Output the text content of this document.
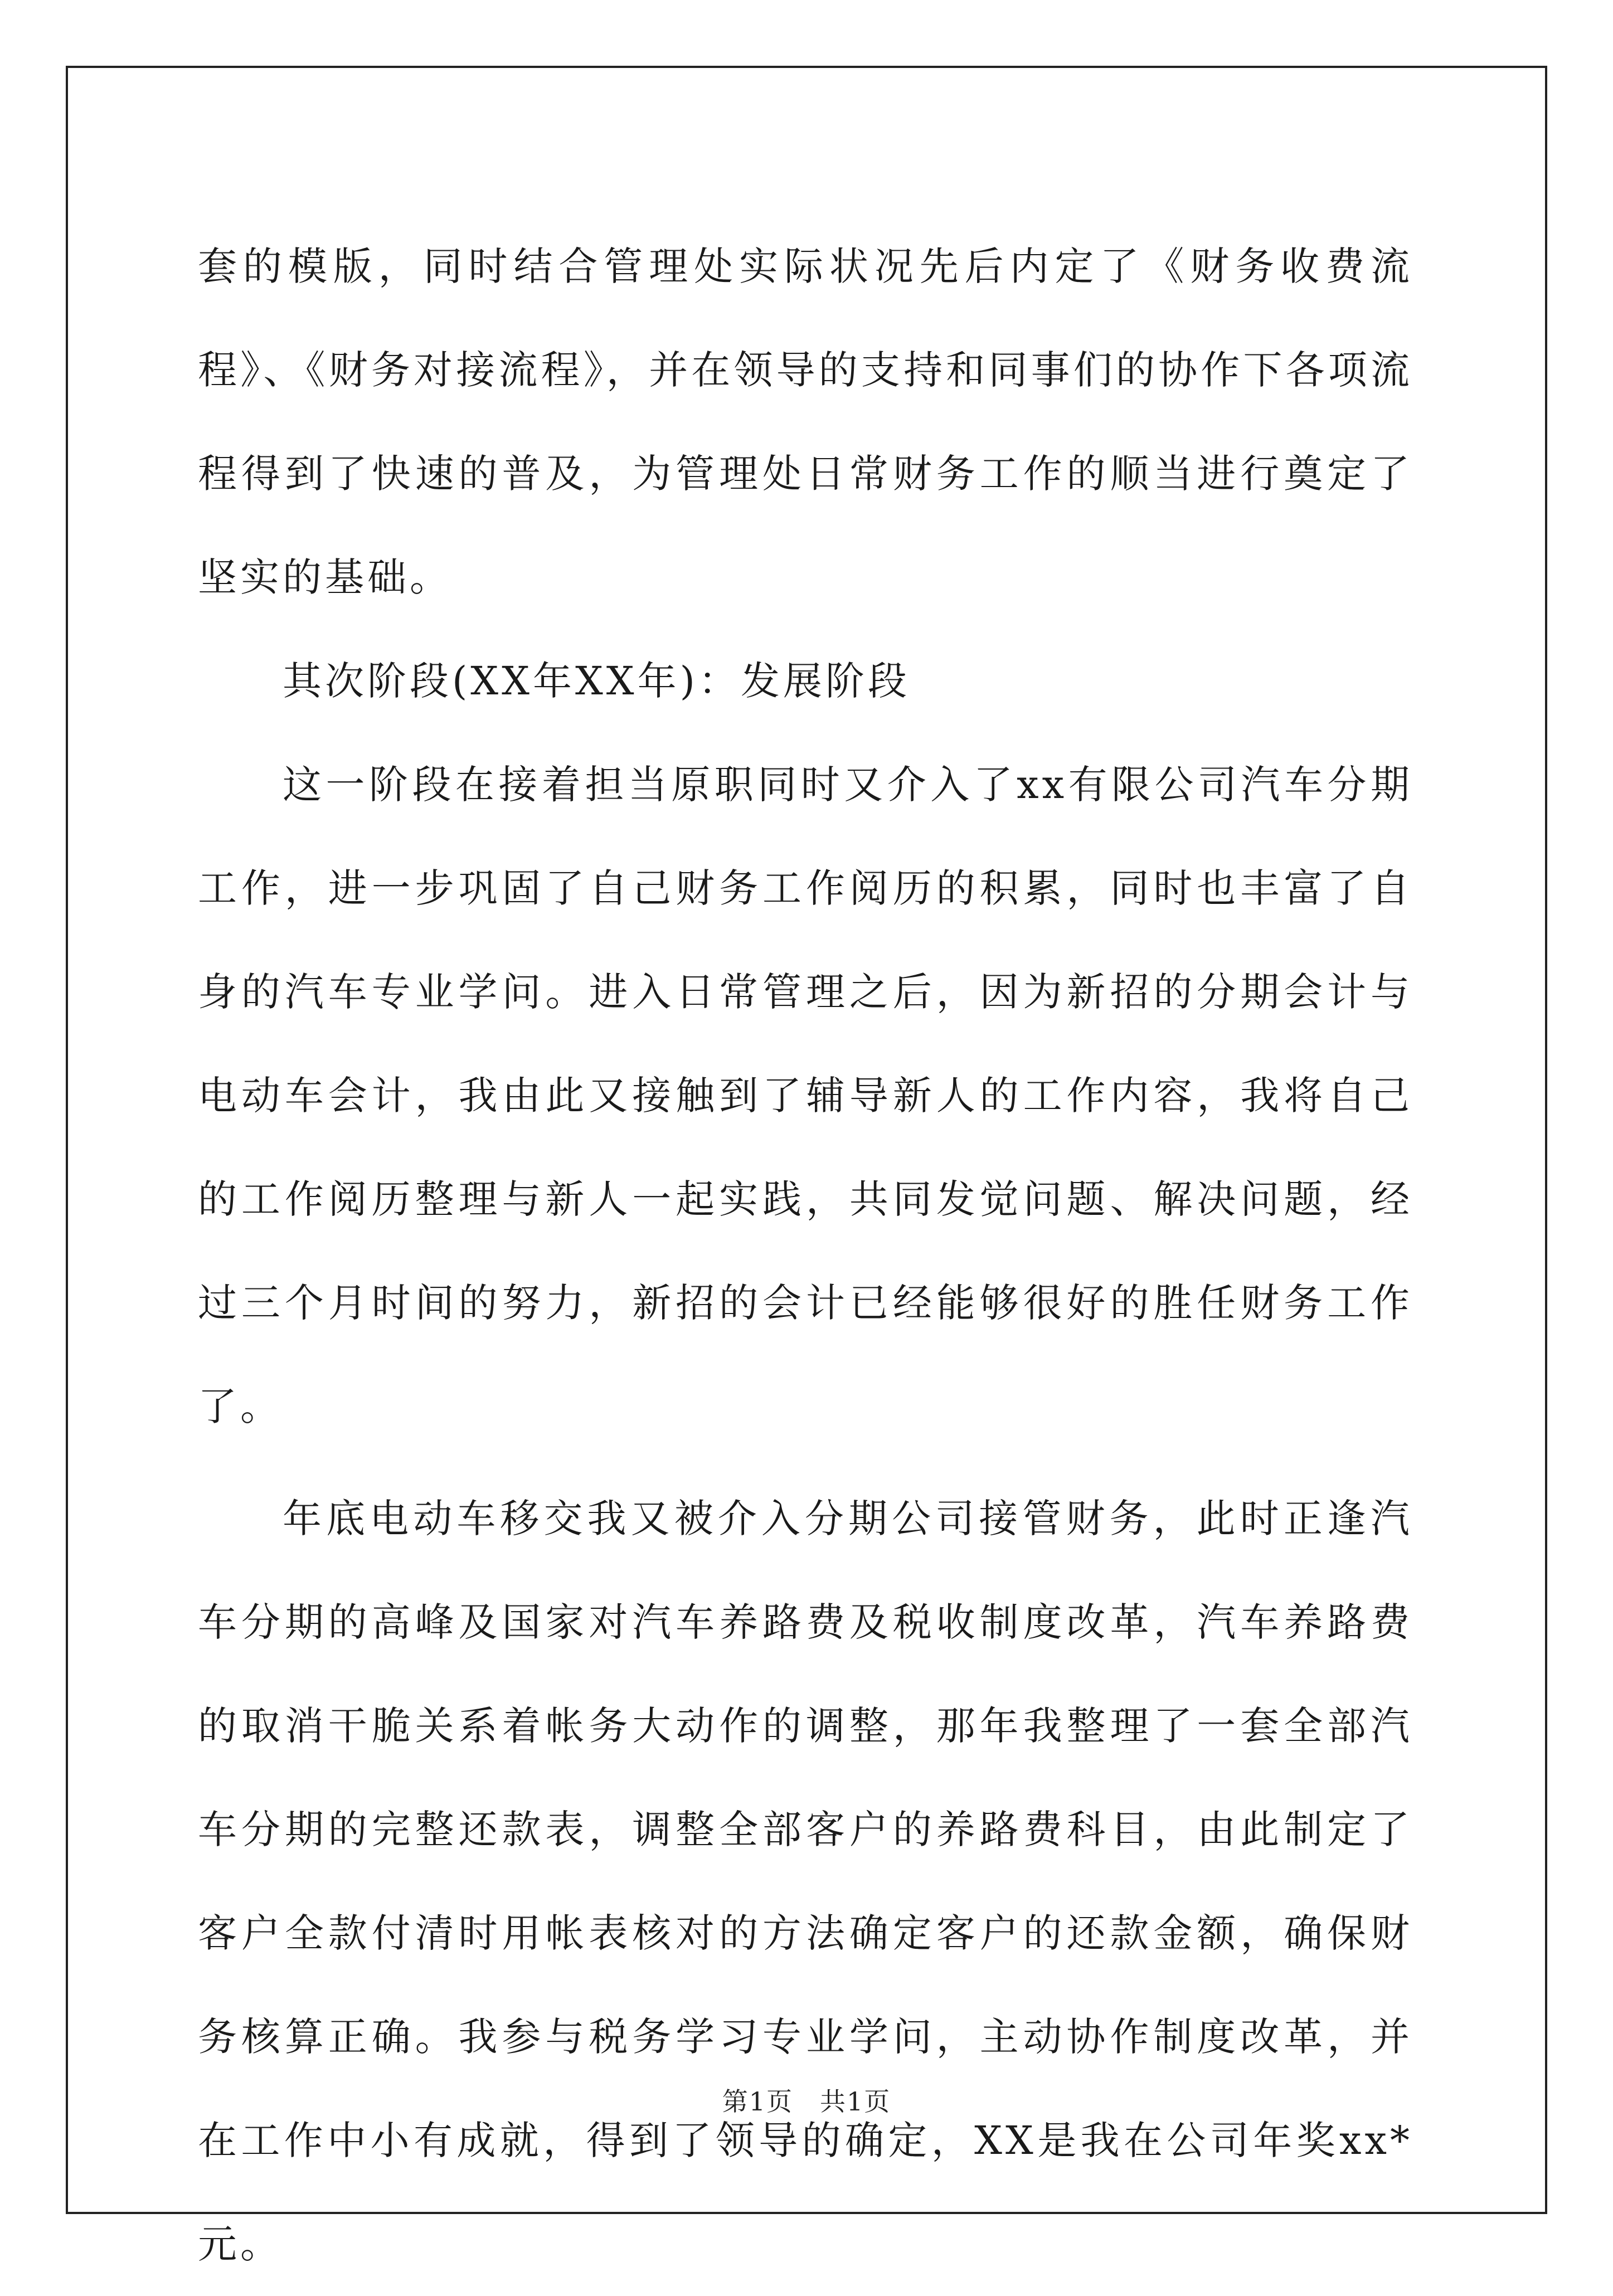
套的模版，同时结合管理处实际状况先后内定了《财务收费流程》、《财务对接流程》，并在领导的支持和同事们的协作下各项流程得到了快速的普及，为管理处日常财务工作的顺当进行奠定了坚实的基础。

其次阶段(XX年XX年)：发展阶段

这一阶段在接着担当原职同时又介入了xx有限公司汽车分期工作，进一步巩固了自己财务工作阅历的积累，同时也丰富了自身的汽车专业学问。进入日常管理之后，因为新招的分期会计与电动车会计，我由此又接触到了辅导新人的工作内容，我将自己的工作阅历整理与新人一起实践，共同发觉问题、解决问题，经过三个月时间的努力，新招的会计已经能够很好的胜任财务工作了。

年底电动车移交我又被介入分期公司接管财务，此时正逢汽车分期的高峰及国家对汽车养路费及税收制度改革，汽车养路费的取消干脆关系着帐务大动作的调整，那年我整理了一套全部汽车分期的完整还款表，调整全部客户的养路费科目，由此制定了客户全款付清时用帐表核对的方法确定客户的还款金额，确保财务核算正确。我参与税务学习专业学问，主动协作制度改革，并在工作中小有成就，得到了领导的确定，XX是我在公司年奖xx*元。

第1页　共1页
